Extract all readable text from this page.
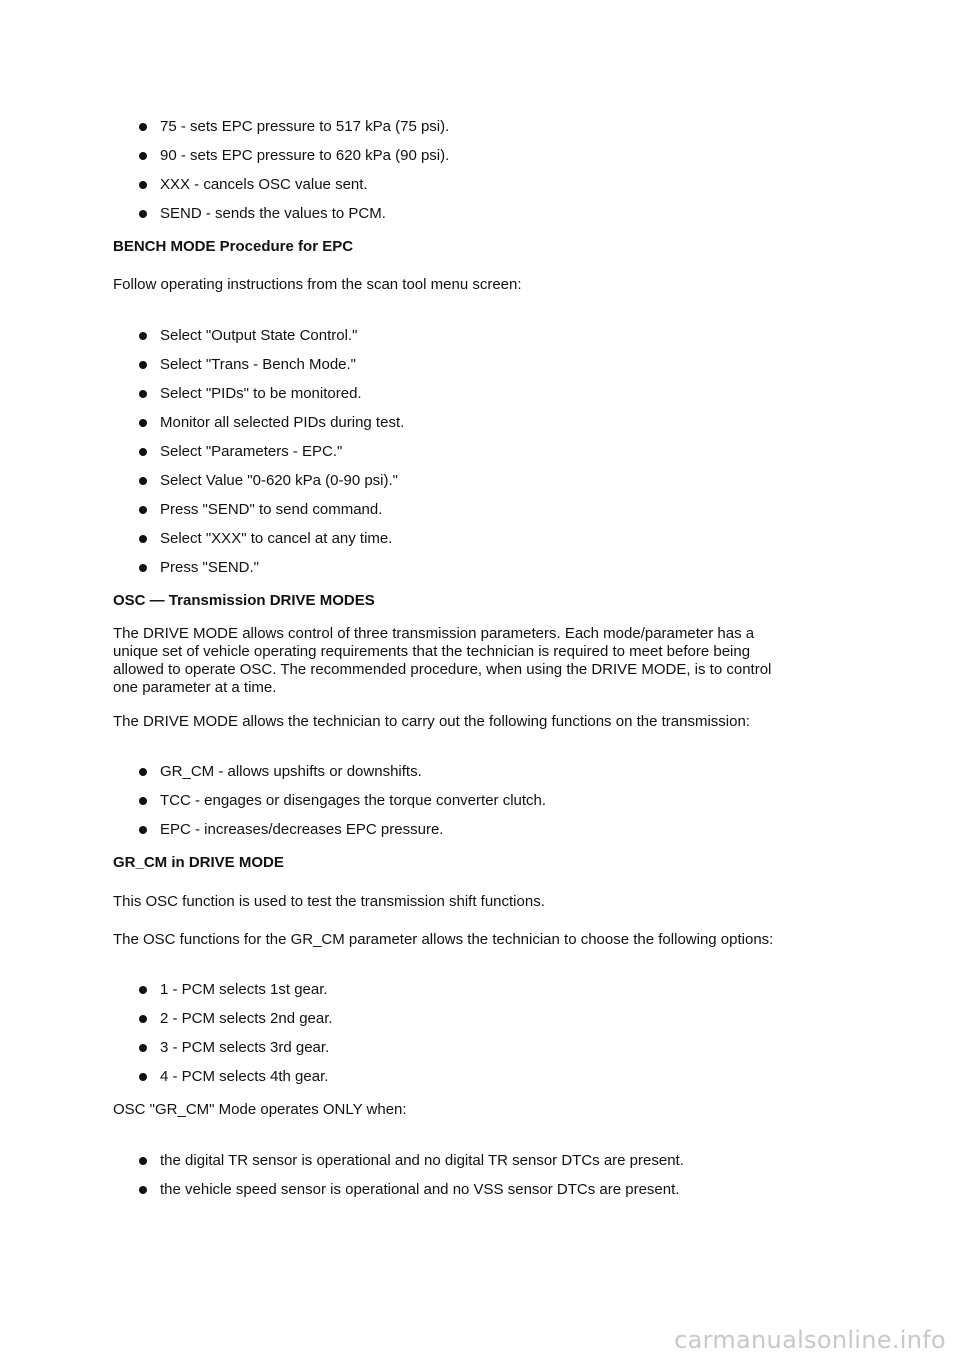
75 - sets EPC pressure to 517 kPa (75 psi).
90 - sets EPC pressure to 620 kPa (90 psi).
XXX - cancels OSC value sent.
SEND - sends the values to PCM.

BENCH MODE Procedure for EPC

Follow operating instructions from the scan tool menu screen:

Select "Output State Control."
Select "Trans - Bench Mode."
Select "PIDs" to be monitored.
Monitor all selected PIDs during test.
Select "Parameters - EPC."
Select Value "0-620 kPa (0-90 psi)."
Press "SEND" to send command.
Select "XXX" to cancel at any time.
Press "SEND."

OSC — Transmission DRIVE MODES

The DRIVE MODE allows control of three transmission parameters. Each mode/parameter has a
unique set of vehicle operating requirements that the technician is required to meet before being
allowed to operate OSC. The recommended procedure, when using the DRIVE MODE, is to control
one parameter at a time.

The DRIVE MODE allows the technician to carry out the following functions on the transmission:

GR_CM - allows upshifts or downshifts.
TCC - engages or disengages the torque converter clutch.
EPC - increases/decreases EPC pressure.

GR_CM in DRIVE MODE

This OSC function is used to test the transmission shift functions.

The OSC functions for the GR_CM parameter allows the technician to choose the following options:

1 - PCM selects 1st gear.
2 - PCM selects 2nd gear.
3 - PCM selects 3rd gear.
4 - PCM selects 4th gear.

OSC "GR_CM" Mode operates ONLY when:

the digital TR sensor is operational and no digital TR sensor DTCs are present.
the vehicle speed sensor is operational and no VSS sensor DTCs are present.
carmanualsonline.info
